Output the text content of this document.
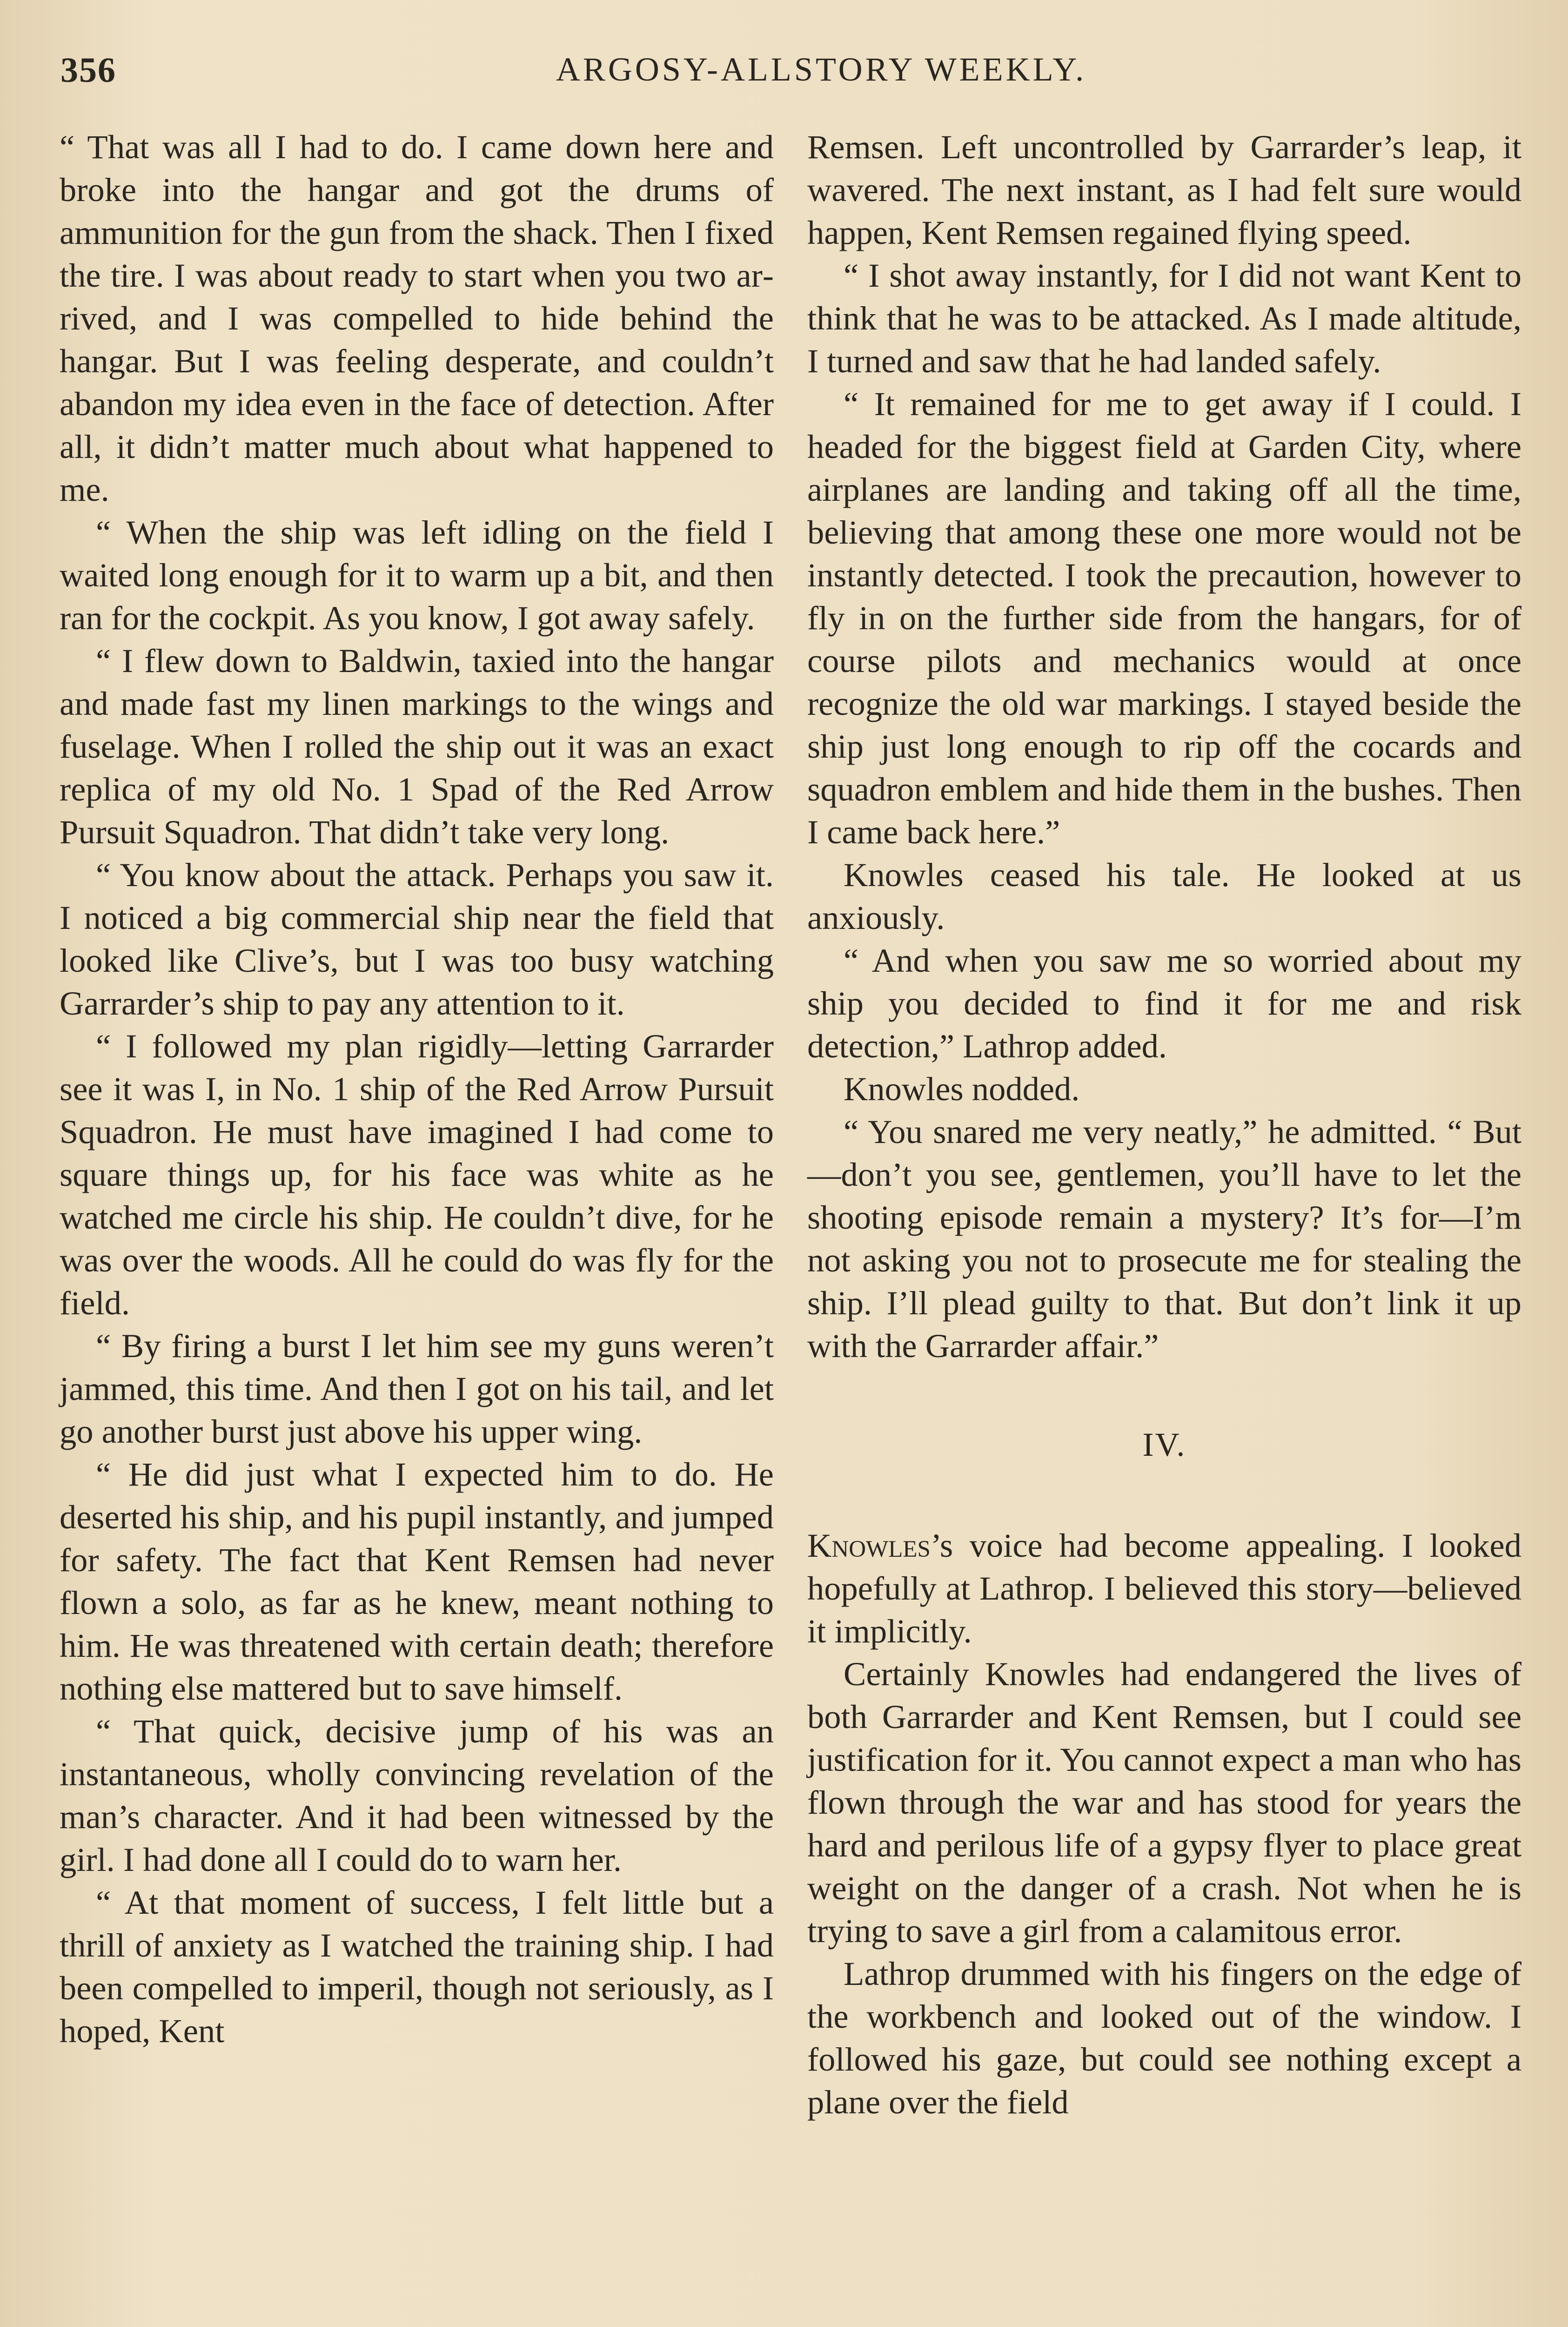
356	ARGOSY-ALLSTORY WEEKLY.

“ That was all I had to do. I came down here and broke into the hangar and got the drums of ammunition for the gun from the shack. Then I fixed the tire. I was about ready to start when you two arrived, and I was compelled to hide behind the hangar. But I was feeling desperate, and couldn’t abandon my idea even in the face of detection. After all, it didn’t matter much about what happened to me.

“ When the ship was left idling on the field I waited long enough for it to warm up a bit, and then ran for the cockpit. As you know, I got away safely.

“ I flew down to Baldwin, taxied into the hangar and made fast my linen markings to the wings and fuselage. When I rolled the ship out it was an exact replica of my old No. 1 Spad of the Red Arrow Pursuit Squadron. That didn’t take very long.

“ You know about the attack. Perhaps you saw it. I noticed a big commercial ship near the field that looked like Clive’s, but I was too busy watching Garrarder’s ship to pay any attention to it.

“ I followed my plan rigidly—letting Garrarder see it was I, in No. 1 ship of the Red Arrow Pursuit Squadron. He must have imagined I had come to square things up, for his face was white as he watched me circle his ship. He couldn’t dive, for he was over the woods. All he could do was fly for the field.

“ By firing a burst I let him see my guns weren’t jammed, this time. And then I got on his tail, and let go another burst just above his upper wing.

“ He did just what I expected him to do. He deserted his ship, and his pupil instantly, and jumped for safety. The fact that Kent Remsen had never flown a solo, as far as he knew, meant nothing to him. He was threatened with certain death; therefore nothing else mattered but to save himself.

“ That quick, decisive jump of his was an instantaneous, wholly convincing revelation of the man’s character. And it had been witnessed by the girl. I had done all I could do to warn her.

“ At that moment of success, I felt little but a thrill of anxiety as I watched the training ship. I had been compelled to imperil, though not seriously, as I hoped, Kent

Remsen. Left uncontrolled by Garrarder’s leap, it wavered. The next instant, as I had felt sure would happen, Kent Remsen regained flying speed.

“ I shot away instantly, for I did not want Kent to think that he was to be attacked. As I made altitude, I turned and saw that he had landed safely.

“ It remained for me to get away if I could. I headed for the biggest field at Garden City, where airplanes are landing and taking off all the time, believing that among these one more would not be instantly detected. I took the precaution, however to fly in on the further side from the hangars, for of course pilots and mechanics would at once recognize the old war markings. I stayed beside the ship just long enough to rip off the cocards and squadron emblem and hide them in the bushes. Then I came back here.”

Knowles ceased his tale. He looked at us anxiously.

“ And when you saw me so worried about my ship you decided to find it for me and risk detection,” Lathrop added.

Knowles nodded.

“ You snared me very neatly,” he admitted. “ But—don’t you see, gentlemen, you’ll have to let the shooting episode remain a mystery? It’s for—I’m not asking you not to prosecute me for stealing the ship. I’ll plead guilty to that. But don’t link it up with the Garrarder affair.”

IV.

Knowles’s voice had become appealing. I looked hopefully at Lathrop. I believed this story—believed it implicitly.

Certainly Knowles had endangered the lives of both Garrarder and Kent Remsen, but I could see justification for it. You cannot expect a man who has flown through the war and has stood for years the hard and perilous life of a gypsy flyer to place great weight on the danger of a crash. Not when he is trying to save a girl from a calamitous error.

Lathrop drummed with his fingers on the edge of the workbench and looked out of the window. I followed his gaze, but could see nothing except a plane over the field
